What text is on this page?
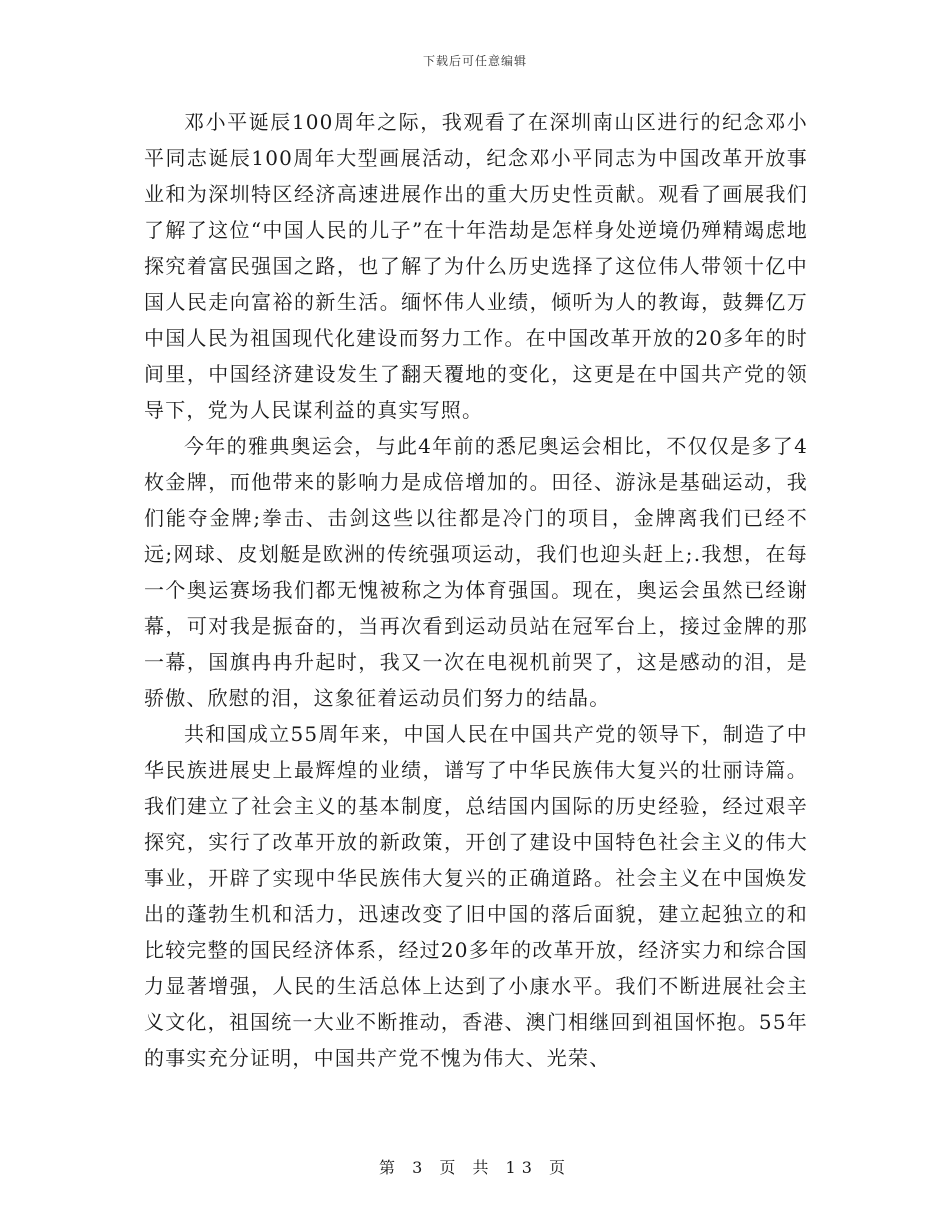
下载后可任意编辑

邓小平诞辰100周年之际，我观看了在深圳南山区进行的纪念邓小平同志诞辰100周年大型画展活动，纪念邓小平同志为中国改革开放事业和为深圳特区经济高速进展作出的重大历史性贡献。观看了画展我们了解了这位“中国人民的儿子”在十年浩劫是怎样身处逆境仍殚精竭虑地探究着富民强国之路，也了解了为什么历史选择了这位伟人带领十亿中国人民走向富裕的新生活。缅怀伟人业绩，倾听为人的教诲，鼓舞亿万中国人民为祖国现代化建设而努力工作。在中国改革开放的20多年的时间里，中国经济建设发生了翻天覆地的变化，这更是在中国共产党的领导下，党为人民谋利益的真实写照。

今年的雅典奥运会，与此4年前的悉尼奥运会相比，不仅仅是多了4枚金牌，而他带来的影响力是成倍增加的。田径、游泳是基础运动，我们能夺金牌;拳击、击剑这些以往都是冷门的项目，金牌离我们已经不远;网球、皮划艇是欧洲的传统强项运动，我们也迎头赶上;.我想，在每一个奥运赛场我们都无愧被称之为体育强国。现在，奥运会虽然已经谢幕，可对我是振奋的，当再次看到运动员站在冠军台上，接过金牌的那一幕，国旗冉冉升起时，我又一次在电视机前哭了，这是感动的泪，是骄傲、欣慰的泪，这象征着运动员们努力的结晶。

共和国成立55周年来，中国人民在中国共产党的领导下，制造了中华民族进展史上最辉煌的业绩，谱写了中华民族伟大复兴的壮丽诗篇。我们建立了社会主义的基本制度，总结国内国际的历史经验，经过艰辛探究，实行了改革开放的新政策，开创了建设中国特色社会主义的伟大事业，开辟了实现中华民族伟大复兴的正确道路。社会主义在中国焕发出的蓬勃生机和活力，迅速改变了旧中国的落后面貌，建立起独立的和比较完整的国民经济体系，经过20多年的改革开放，经济实力和综合国力显著增强，人民的生活总体上达到了小康水平。我们不断进展社会主义文化，祖国统一大业不断推动，香港、澳门相继回到祖国怀抱。55年的事实充分证明，中国共产党不愧为伟大、光荣、

第 3 页 共 13 页
